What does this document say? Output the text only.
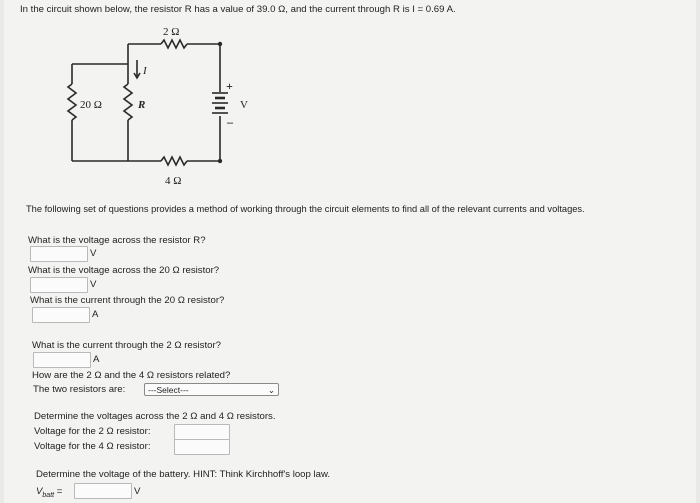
In the circuit shown below, the resistor R has a value of 39.0 Ω, and the current through R is I = 0.69 A.
2 Ω
4 Ω
20 Ω	R
I
+
–
V
The following set of questions provides a method of working through the circuit elements to find all of the relevant currents and voltages.
What is the voltage across the resistor R?
V
What is the voltage across the 20 Ω resistor?
V
What is the current through the 20 Ω resistor?
A
What is the current through the 2 Ω resistor?
A
How are the 2 Ω and the 4 Ω resistors related?
The two resistors are:	---Select---	⌄
Determine the voltages across the 2 Ω and 4 Ω resistors.
Voltage for the 2 Ω resistor:
Voltage for the 4 Ω resistor:
Determine the voltage of the battery. HINT: Think Kirchhoff's loop law.
$V_{batt}$ =	V
